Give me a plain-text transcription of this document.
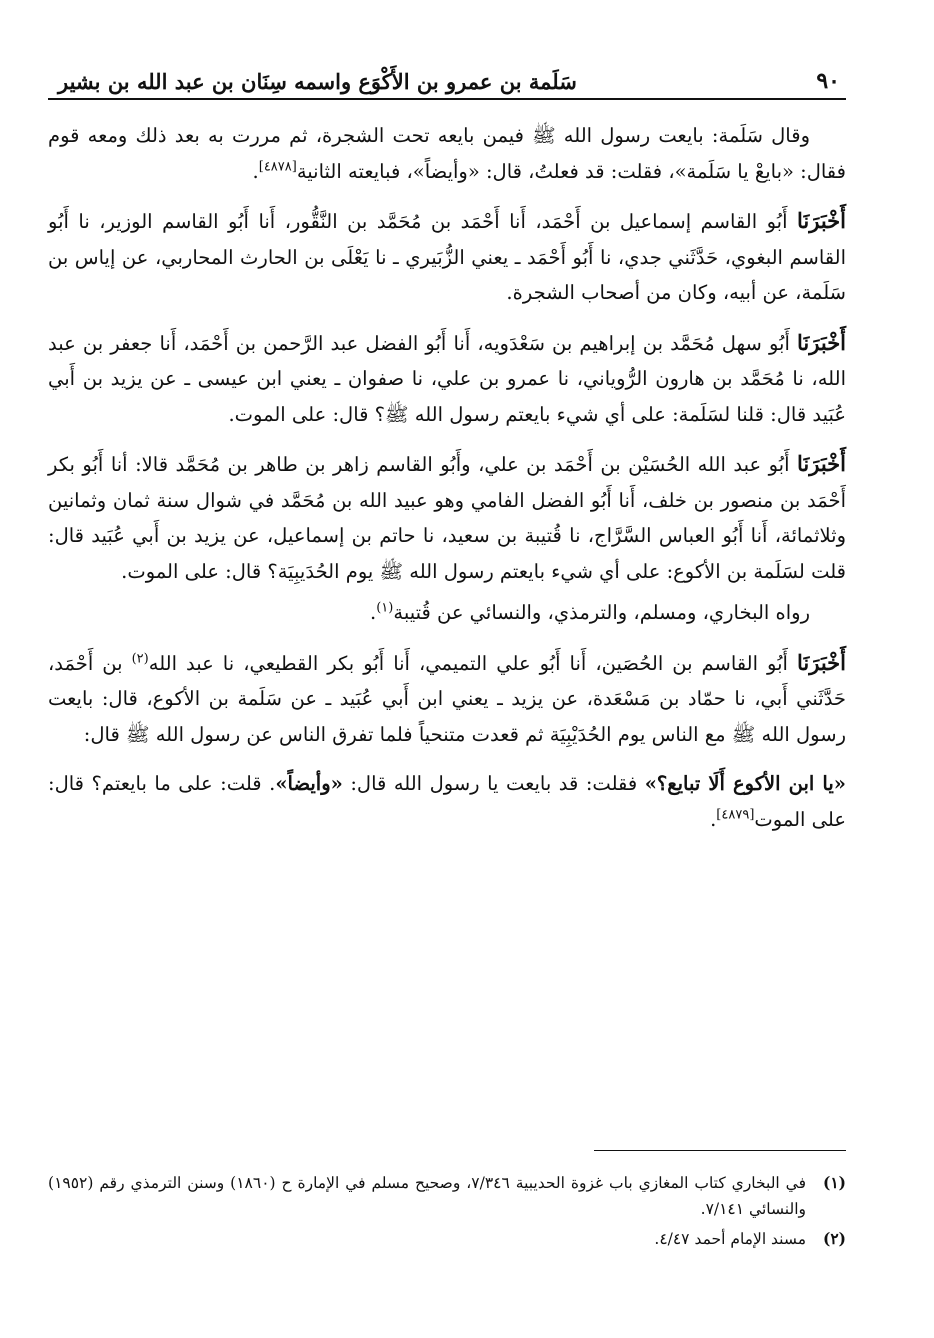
٩٠
سَلَمة بن عمرو بن الأَكْوَع واسمه سِنَان بن عبد الله بن بشير

وقال سَلَمة: بايعت رسول الله ﷺ فيمن بايعه تحت الشجرة، ثم مررت به بعد ذلك ومعه قوم فقال: «بايعْ يا سَلَمة»، فقلت: قد فعلتُ، قال: «وأيضاً»، فبايعته الثانية[٤٨٧٨].

أَخْبَرَنَا أَبُو القاسم إسماعيل بن أَحْمَد، أَنا أَحْمَد بن مُحَمَّد بن النَّقُّور، أَنا أَبُو القاسم الوزير، نا أَبُو القاسم البغوي، حَدَّثَني جدي، نا أَبُو أَحْمَد ـ يعني الزُّبَيري ـ نا يَعْلَى بن الحارث المحاربي، عن إياس بن سَلَمة، عن أبيه، وكان من أصحاب الشجرة.

أَخْبَرَنَا أَبُو سهل مُحَمَّد بن إبراهيم بن سَعْدَويه، أَنا أَبُو الفضل عبد الرَّحمن بن أَحْمَد، أَنا جعفر بن عبد الله، نا مُحَمَّد بن هارون الرُّوياني، نا عمرو بن علي، نا صفوان ـ يعني ابن عيسى ـ عن يزيد بن أَبي عُبَيد قال: قلنا لسَلَمة: على أي شيء بايعتم رسول الله ﷺ؟ قال: على الموت.

أَخْبَرَنَا أَبُو عبد الله الحُسَيْن بن أَحْمَد بن علي، وأَبُو القاسم زاهر بن طاهر بن مُحَمَّد قالا: أنا أَبُو بكر أَحْمَد بن منصور بن خلف، أَنا أَبُو الفضل الفامي وهو عبيد الله بن مُحَمَّد في شوال سنة ثمان وثمانين وثلاثمائة، أَنا أَبُو العباس السَّرَّاج، نا قُتيبة بن سعيد، نا حاتم بن إسماعيل، عن يزيد بن أَبي عُبَيد قال: قلت لسَلَمة بن الأكوع: على أي شيء بايعتم رسول الله ﷺ يوم الحُدَيبِيَة؟ قال: على الموت.

رواه البخاري، ومسلم، والترمذي، والنسائي عن قُتيبة$^{(١)}$.

أَخْبَرَنَا أَبُو القاسم بن الحُصَين، أَنا أَبُو علي التميمي، أَنا أَبُو بكر القطيعي، نا عبد الله$^{(٢)}$ بن أَحْمَد، حَدَّثَني أَبي، نا حمّاد بن مَسْعَدة، عن يزيد ـ يعني ابن أَبي عُبَيد ـ عن سَلَمة بن الأكوع، قال: بايعت رسول الله ﷺ مع الناس يوم الحُدَيْبِيَة ثم قعدت متنحياً فلما تفرق الناس عن رسول الله ﷺ قال:

«يا ابن الأكوع أَلَا تبايع؟» فقلت: قد بايعت يا رسول الله قال: «وأيضاً». قلت: على ما بايعتم؟ قال: على الموت[٤٨٧٩].

(١)
في البخاري كتاب المغازي باب غزوة الحديبية ٧/٣٤٦، وصحيح مسلم في الإمارة ح (١٨٦٠) وسنن الترمذي رقم (١٩٥٢) والنسائي ٧/١٤١.
(٢)
مسند الإمام أحمد ٤/٤٧.
